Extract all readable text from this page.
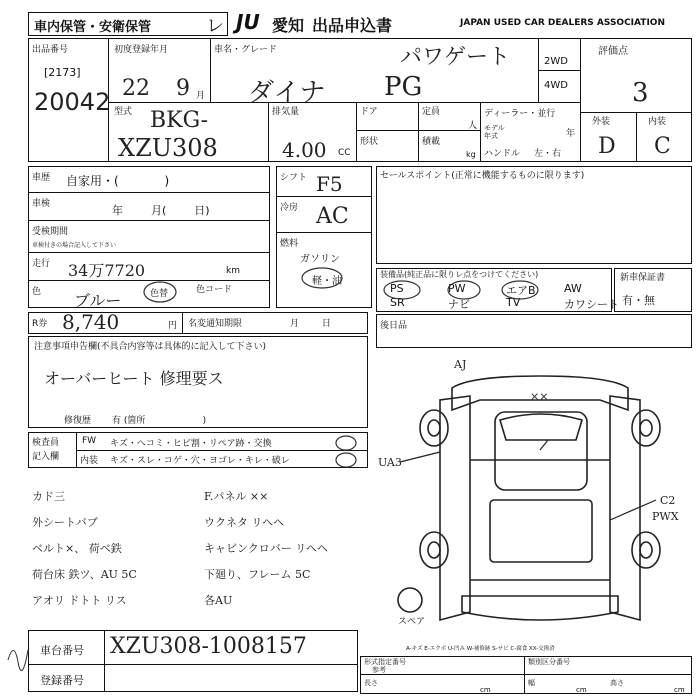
車内保管・安衛保管	レ JU 愛知 出品申込書	JAPAN USED CAR DEALERS ASSOCIATION
出品番号
[2173]
20042
初度登録年月
22 9 月
車名・グレード	パワゲート
ダイナ PG
2WD
4WD
評価点
3
外装	内装
D C
型式 BKG-
XZU308
排気量
4.00 CC
ドア	定員
人
形状	積載
kg
ディーラー・並行
モデル
年式	年
ハンドル 左・右
車歴 自家用・(            )
車検	年        月(        日)
受検期間
車検付きの場合記入して下さい
走行 34万7720	km
色 ブルー	色替	色コード
シフト F5
冷房 AC
燃料
ガソリン
軽・油
セールスポイント(正常に機能するものに限ります)
装備品(純正品に限りレ点をつけてください)
PS	PW	エアB	AW
SR	ナビ	TV	カワシート
新車保証書
有・無
R券 8,740	円 名変通知期限	月        日	後日品
注意事項申告欄(不具合内容等は具体的に記入して下さい)
オーバーヒート 修理要ス
修復歴 有 (箇所                    )
検査員
記入欄
FW キズ・へコミ・ヒビ割・リペア跡・交換
内装 キズ・スレ・コゲ・穴・ヨゴレ・キレ・破レ
カド三	F.パネル ××
外シートバブ	ウクネタ リヘヘ
ベルト×、 荷ベ鉄	キャビンクロバー リヘヘ
荷台床 鉄ツ、AU 5C	下廻り、フレーム 5C
アオリ ドトト リス	各AU
車台番号 XZU308-1008157
登録番号
形式指定番号
参考
類別区分番号
長さ
cm
幅
cm
高さ
cm
A-キズ E-エクボ U-凹み W-補修跡 S-サビ C-腐食 XX-交換済
AJ
××
UA3
C2
PWX
スペア
